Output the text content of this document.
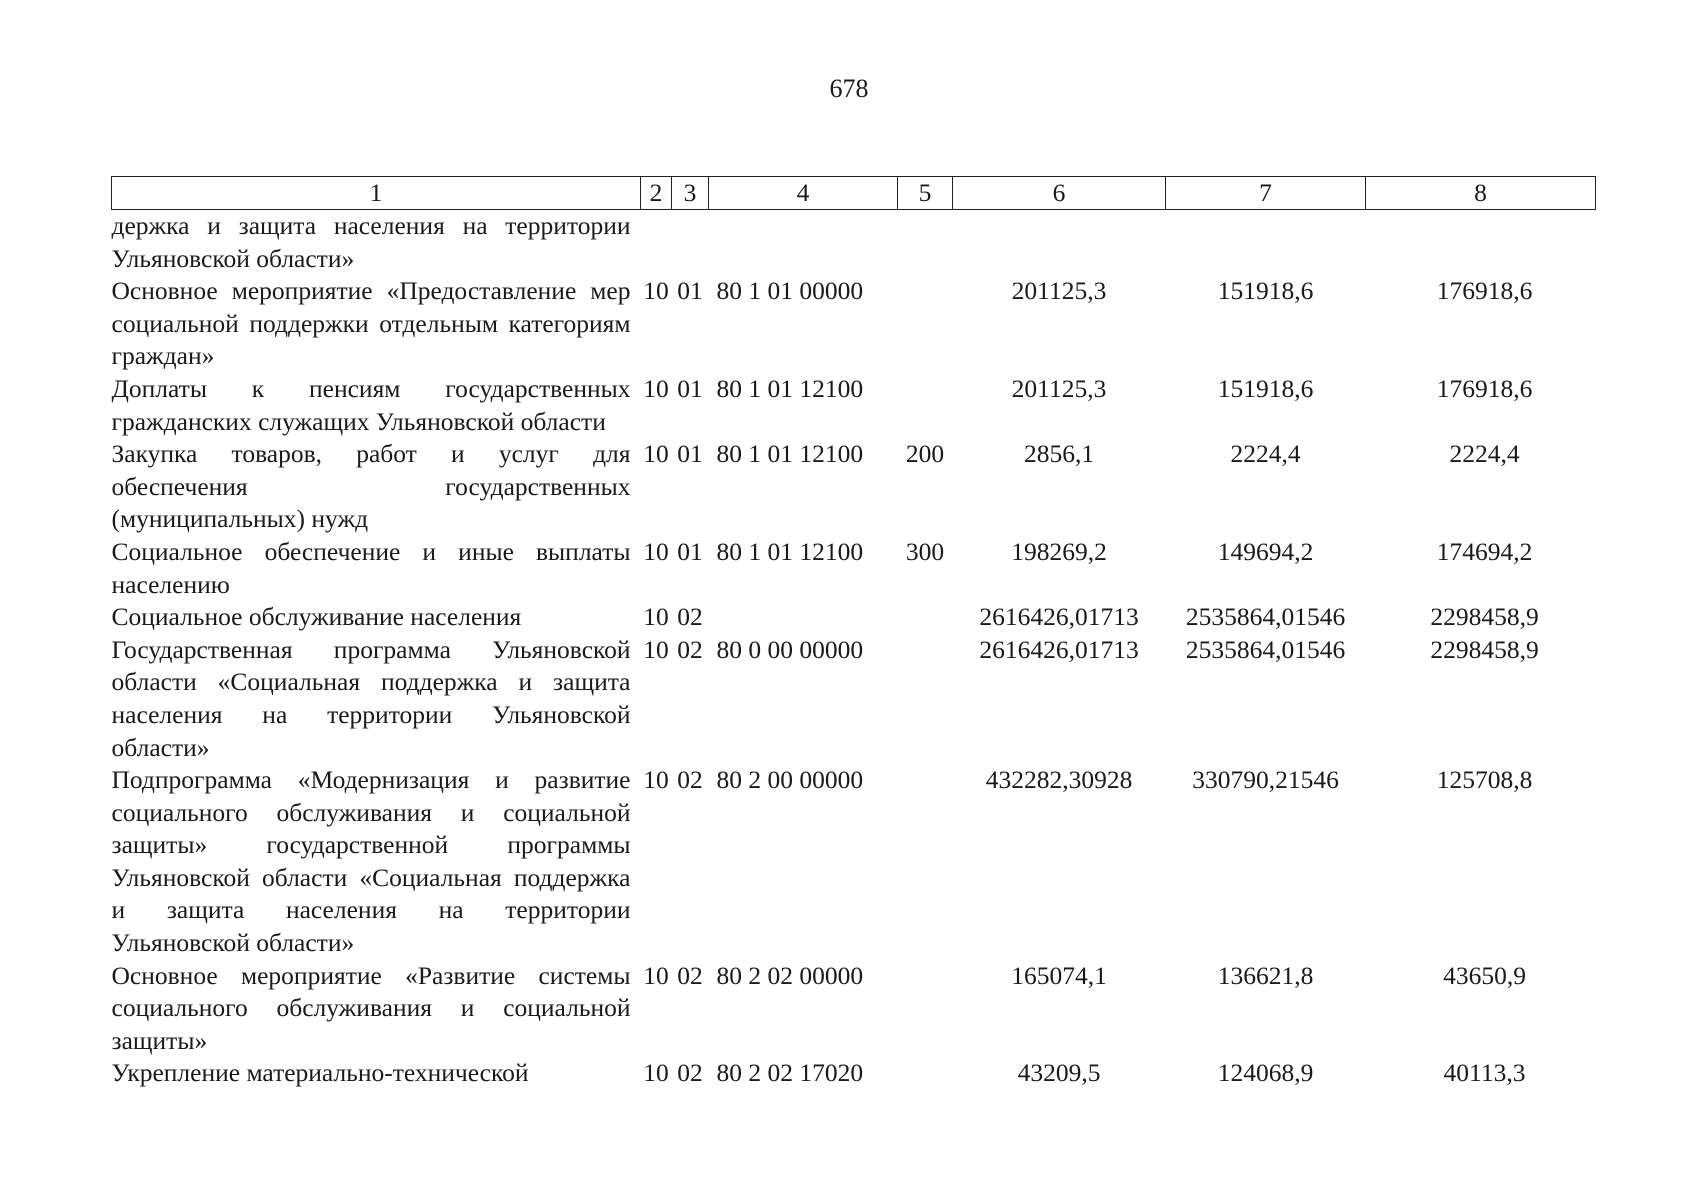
678
1	2	3	4	5	6	7	8
держка и защита населения на территории Ульяновской области»							
Основное мероприятие «Предоставление мер социальной поддержки отдельным категориям граждан»	10	01	80 1 01 00000		201125,3	151918,6	176918,6
Доплаты к пенсиям государственных гражданских служащих Ульяновской области	10	01	80 1 01 12100		201125,3	151918,6	176918,6
Закупка товаров, работ и услуг для обеспечения государственных (муниципальных) нужд	10	01	80 1 01 12100	200	2856,1	2224,4	2224,4
Социальное обеспечение и иные выплаты населению	10	01	80 1 01 12100	300	198269,2	149694,2	174694,2
Социальное обслуживание населения	10	02			2616426,01713	2535864,01546	2298458,9
Государственная программа Ульяновской области «Социальная поддержка и защита населения на территории Ульяновской области»	10	02	80 0 00 00000		2616426,01713	2535864,01546	2298458,9
Подпрограмма «Модернизация и развитие социального обслуживания и социальной защиты» государственной программы Ульяновской области «Социальная поддержка и защита населения на территории Ульяновской области»	10	02	80 2 00 00000		432282,30928	330790,21546	125708,8
Основное мероприятие «Развитие системы социального обслуживания и социальной защиты»	10	02	80 2 02 00000		165074,1	136621,8	43650,9
Укрепление материально-технической	10	02	80 2 02 17020		43209,5	124068,9	40113,3
